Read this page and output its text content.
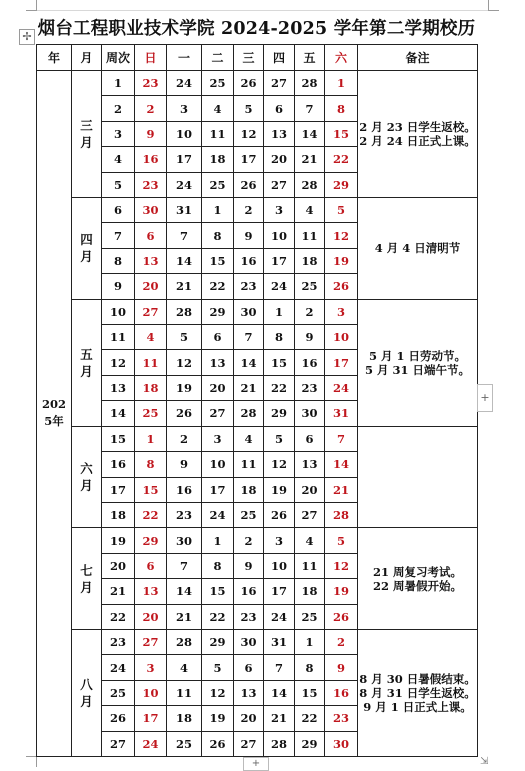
✢ 烟台工程职业技术学院 2024-2025 学年第二学期校历
年	月	周次	日	一	二	三	四	五	六	备注
2025年	三月	1	23	24	25	26	27	28	1	2 月 23 日学生返校。
2 月 24 日正式上课。

		2	2	3	4	5	6	7	8	
		3	9	10	11	12	13	14	15	
		4	16	17	18	17	20	21	22	
		5	23	24	25	26	27	28	29	
	四月	6	30	31	1	2	3	4	5	4 月 4 日清明节

		7	6	7	8	9	10	11	12	
		8	13	14	15	16	17	18	19	
		9	20	21	22	23	24	25	26	
	五月	10	27	28	29	30	1	2	3	5 月 1 日劳动节。
5 月 31 日端午节。

		11	4	5	6	7	8	9	10	
		12	11	12	13	14	15	16	17	
		13	18	19	20	21	22	23	24	
		14	25	26	27	28	29	30	31	
	六月	15	1	2	3	4	5	6	7	
		16	8	9	10	11	12	13	14	
		17	15	16	17	18	19	20	21	
		18	22	23	24	25	26	27	28	
	七月	19	29	30	1	2	3	4	5	21 周复习考试。
22 周暑假开始。

		20	6	7	8	9	10	11	12	
		21	13	14	15	16	17	18	19	
		22	20	21	22	23	24	25	26	
	八月	23	27	28	29	30	31	1	2	8 月 30 日暑假结束。
8 月 31 日学生返校。
9 月 1 日正式上课。

		24	3	4	5	6	7	8	9	
		25	10	11	12	13	14	15	16	
		26	17	18	19	20	21	22	23	
		27	24	25	26	27	28	29	30	
+
+	⇲
